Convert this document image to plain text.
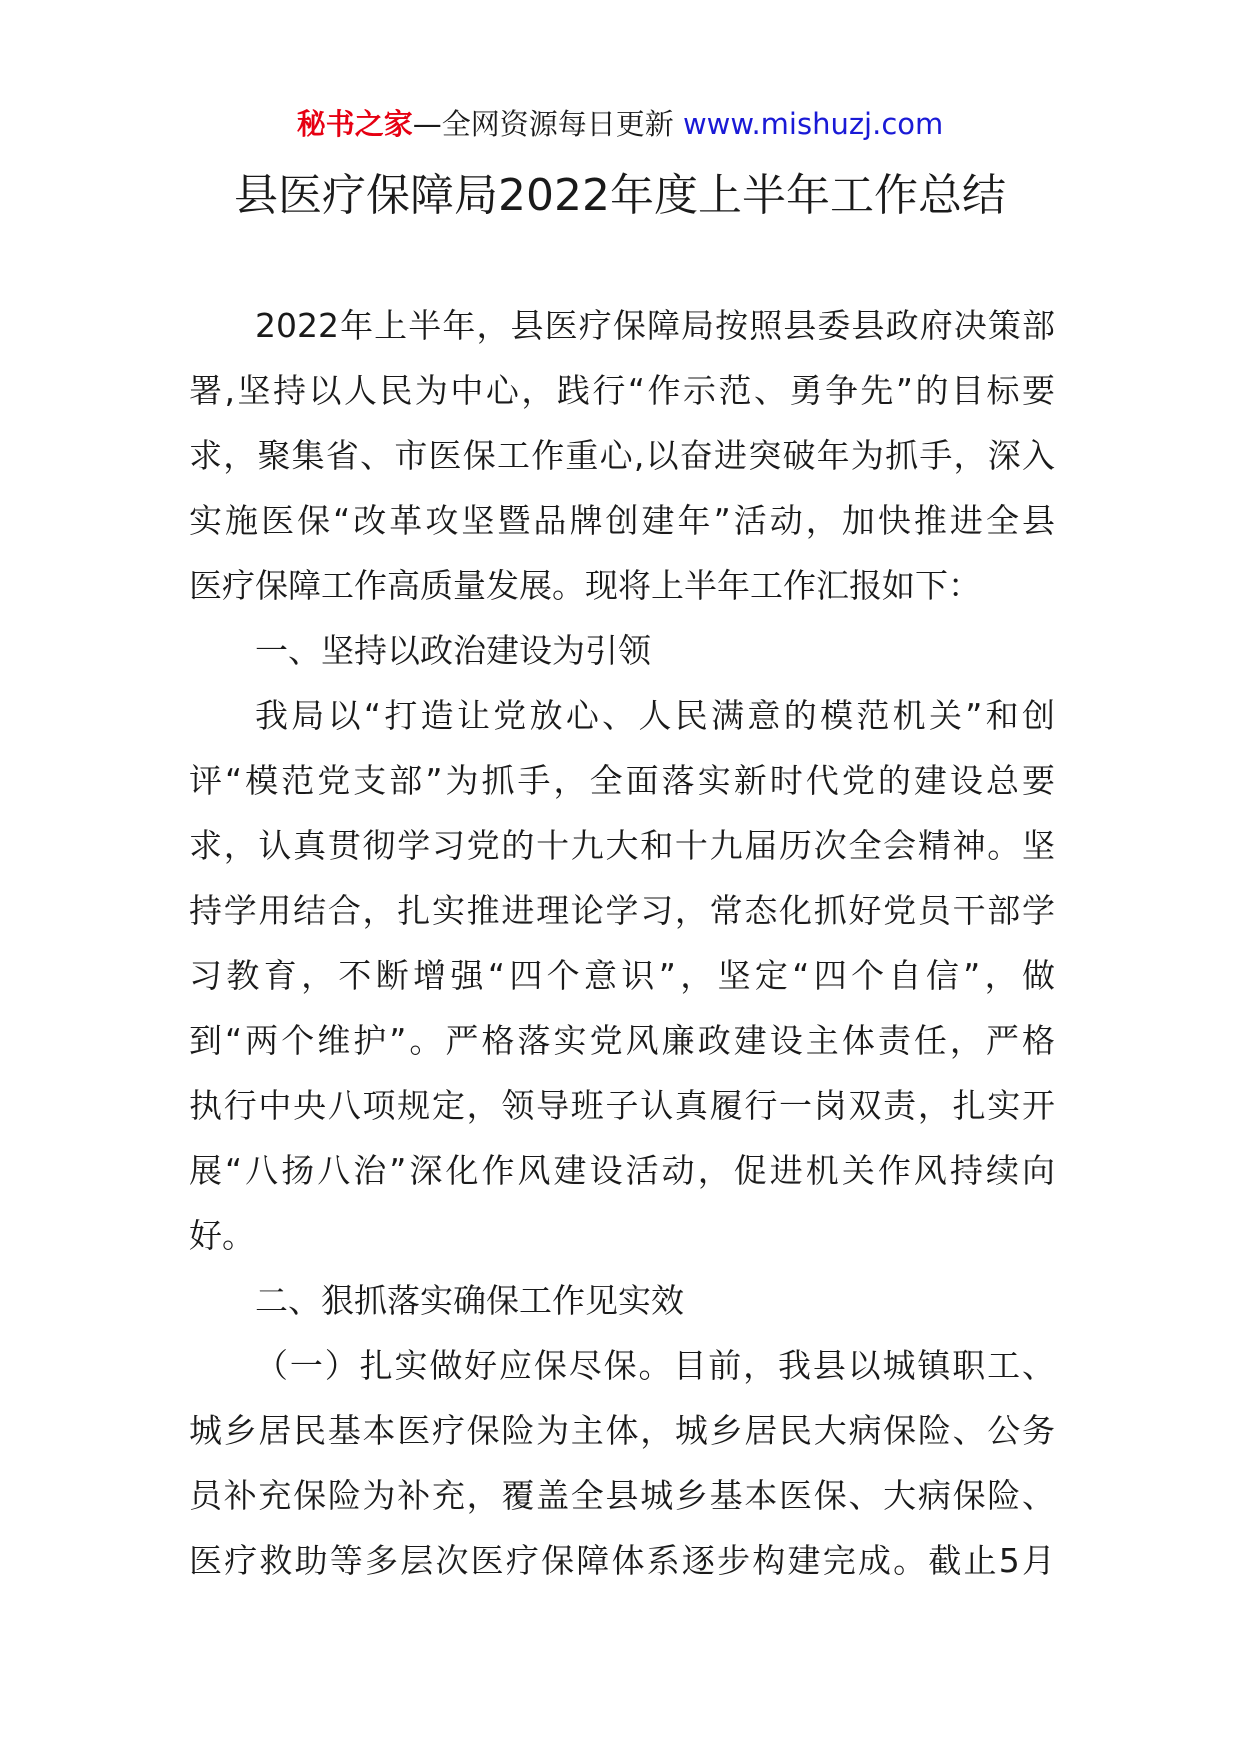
秘书之家—全网资源每日更新 www.mishuzj.com
县医疗保障局2022年度上半年工作总结
2022年上半年，县医疗保障局按照县委县政府决策部
署,坚持以人民为中心，践行“作示范、勇争先”的目标要
求，聚集省、市医保工作重心,以奋进突破年为抓手，深入
实施医保“改革攻坚暨品牌创建年”活动，加快推进全县
医疗保障工作高质量发展。现将上半年工作汇报如下：
一、坚持以政治建设为引领
我局以“打造让党放心、人民满意的模范机关”和创
评“模范党支部”为抓手，全面落实新时代党的建设总要
求，认真贯彻学习党的十九大和十九届历次全会精神。坚
持学用结合，扎实推进理论学习，常态化抓好党员干部学
习教育，不断增强“四个意识”，坚定“四个自信”，做
到“两个维护”。严格落实党风廉政建设主体责任，严格
执行中央八项规定，领导班子认真履行一岗双责，扎实开
展“八扬八治”深化作风建设活动，促进机关作风持续向
好。
二、狠抓落实确保工作见实效
（一）扎实做好应保尽保。目前，我县以城镇职工、
城乡居民基本医疗保险为主体，城乡居民大病保险、公务
员补充保险为补充，覆盖全县城乡基本医保、大病保险、
医疗救助等多层次医疗保障体系逐步构建完成。截止5月
